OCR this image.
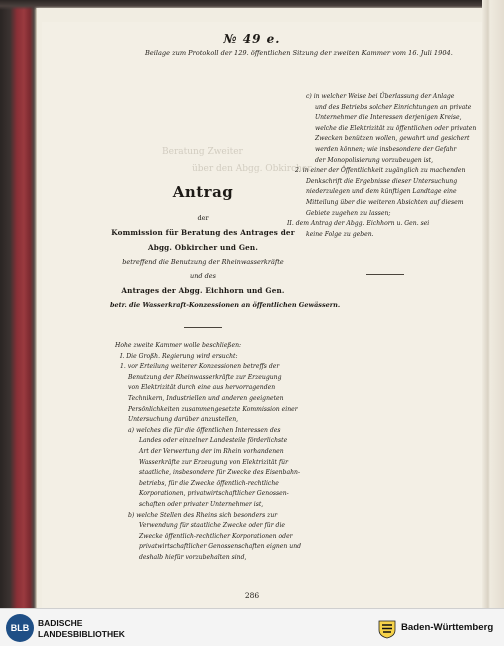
Beratung Zweiter
über den Abgg. Obkircher
№ 49 e.
Beilage zum Protokoll der 129. öffentlichen Sitzung der zweiten Kammer vom 16. Juli 1904.

c) in welcher Weise bei Überlassung der Anlage

und des Betriebs solcher Einrichtungen an private

Unternehmer die Interessen derjenigen Kreise,

welche die Elektrizität zu öffentlichen oder privaten

Zwecken benützen wollen, gewahrt und gesichert

werden können; wie insbesondere der Gefahr

der Monopolisierung vorzubeugen ist,

2. in einer der Öffentlichkeit zugänglich zu machenden

Denkschrift die Ergebnisse dieser Untersuchung

niederzulegen und dem künftigen Landtage eine

Mitteilung über die weiteren Absichten auf diesem

Gebiete zugehen zu lassen;

II. dem Antrag der Abgg. Eichhorn u. Gen. sei

keine Folge zu geben.

Antrag
der
Kommission für Beratung des Antrages der
Abgg. Obkircher und Gen.
betreffend die Benutzung der Rheinwasserkräfte
und des
Antrages der Abgg. Eichhorn und Gen.
betr. die Wasserkraft-Konzessionen an öffentlichen Gewässern.

Hohe zweite Kammer wolle beschließen:

I. Die Großh. Regierung wird ersucht:

1. vor Erteilung weiterer Konzessionen betreffs der

Benutzung der Rheinwasserkräfte zur Erzeugung

von Elektrizität durch eine aus hervorragenden

Technikern, Industriellen und anderen geeigneten

Persönlichkeiten zusammengesetzte Kommission einer

Untersuchung darüber anzustellen,

a) welches die für die öffentlichen Interessen des

Landes oder einzelner Landesteile förderlichste

Art der Verwertung der im Rhein vorhandenen

Wasserkräfte zur Erzeugung von Elektrizität für

staatliche, insbesondere für Zwecke des Eisenbahn-

betriebs, für die Zwecke öffentlich-rechtliche

Korporationen, privatwirtschaftlicher Genossen-

schaften oder privater Unternehmer ist,

b) welche Stellen des Rheins sich besonders zur

Verwendung für staatliche Zwecke oder für die

Zwecke öffentlich-rechtlicher Korporationen oder

privatwirtschaftlicher Genossenschaften eignen und

deshalb hiefür vorzubehalten sind,

286
BLB	BADISCHE
LANDESBIBLIOTHEK
Baden-Württemberg
